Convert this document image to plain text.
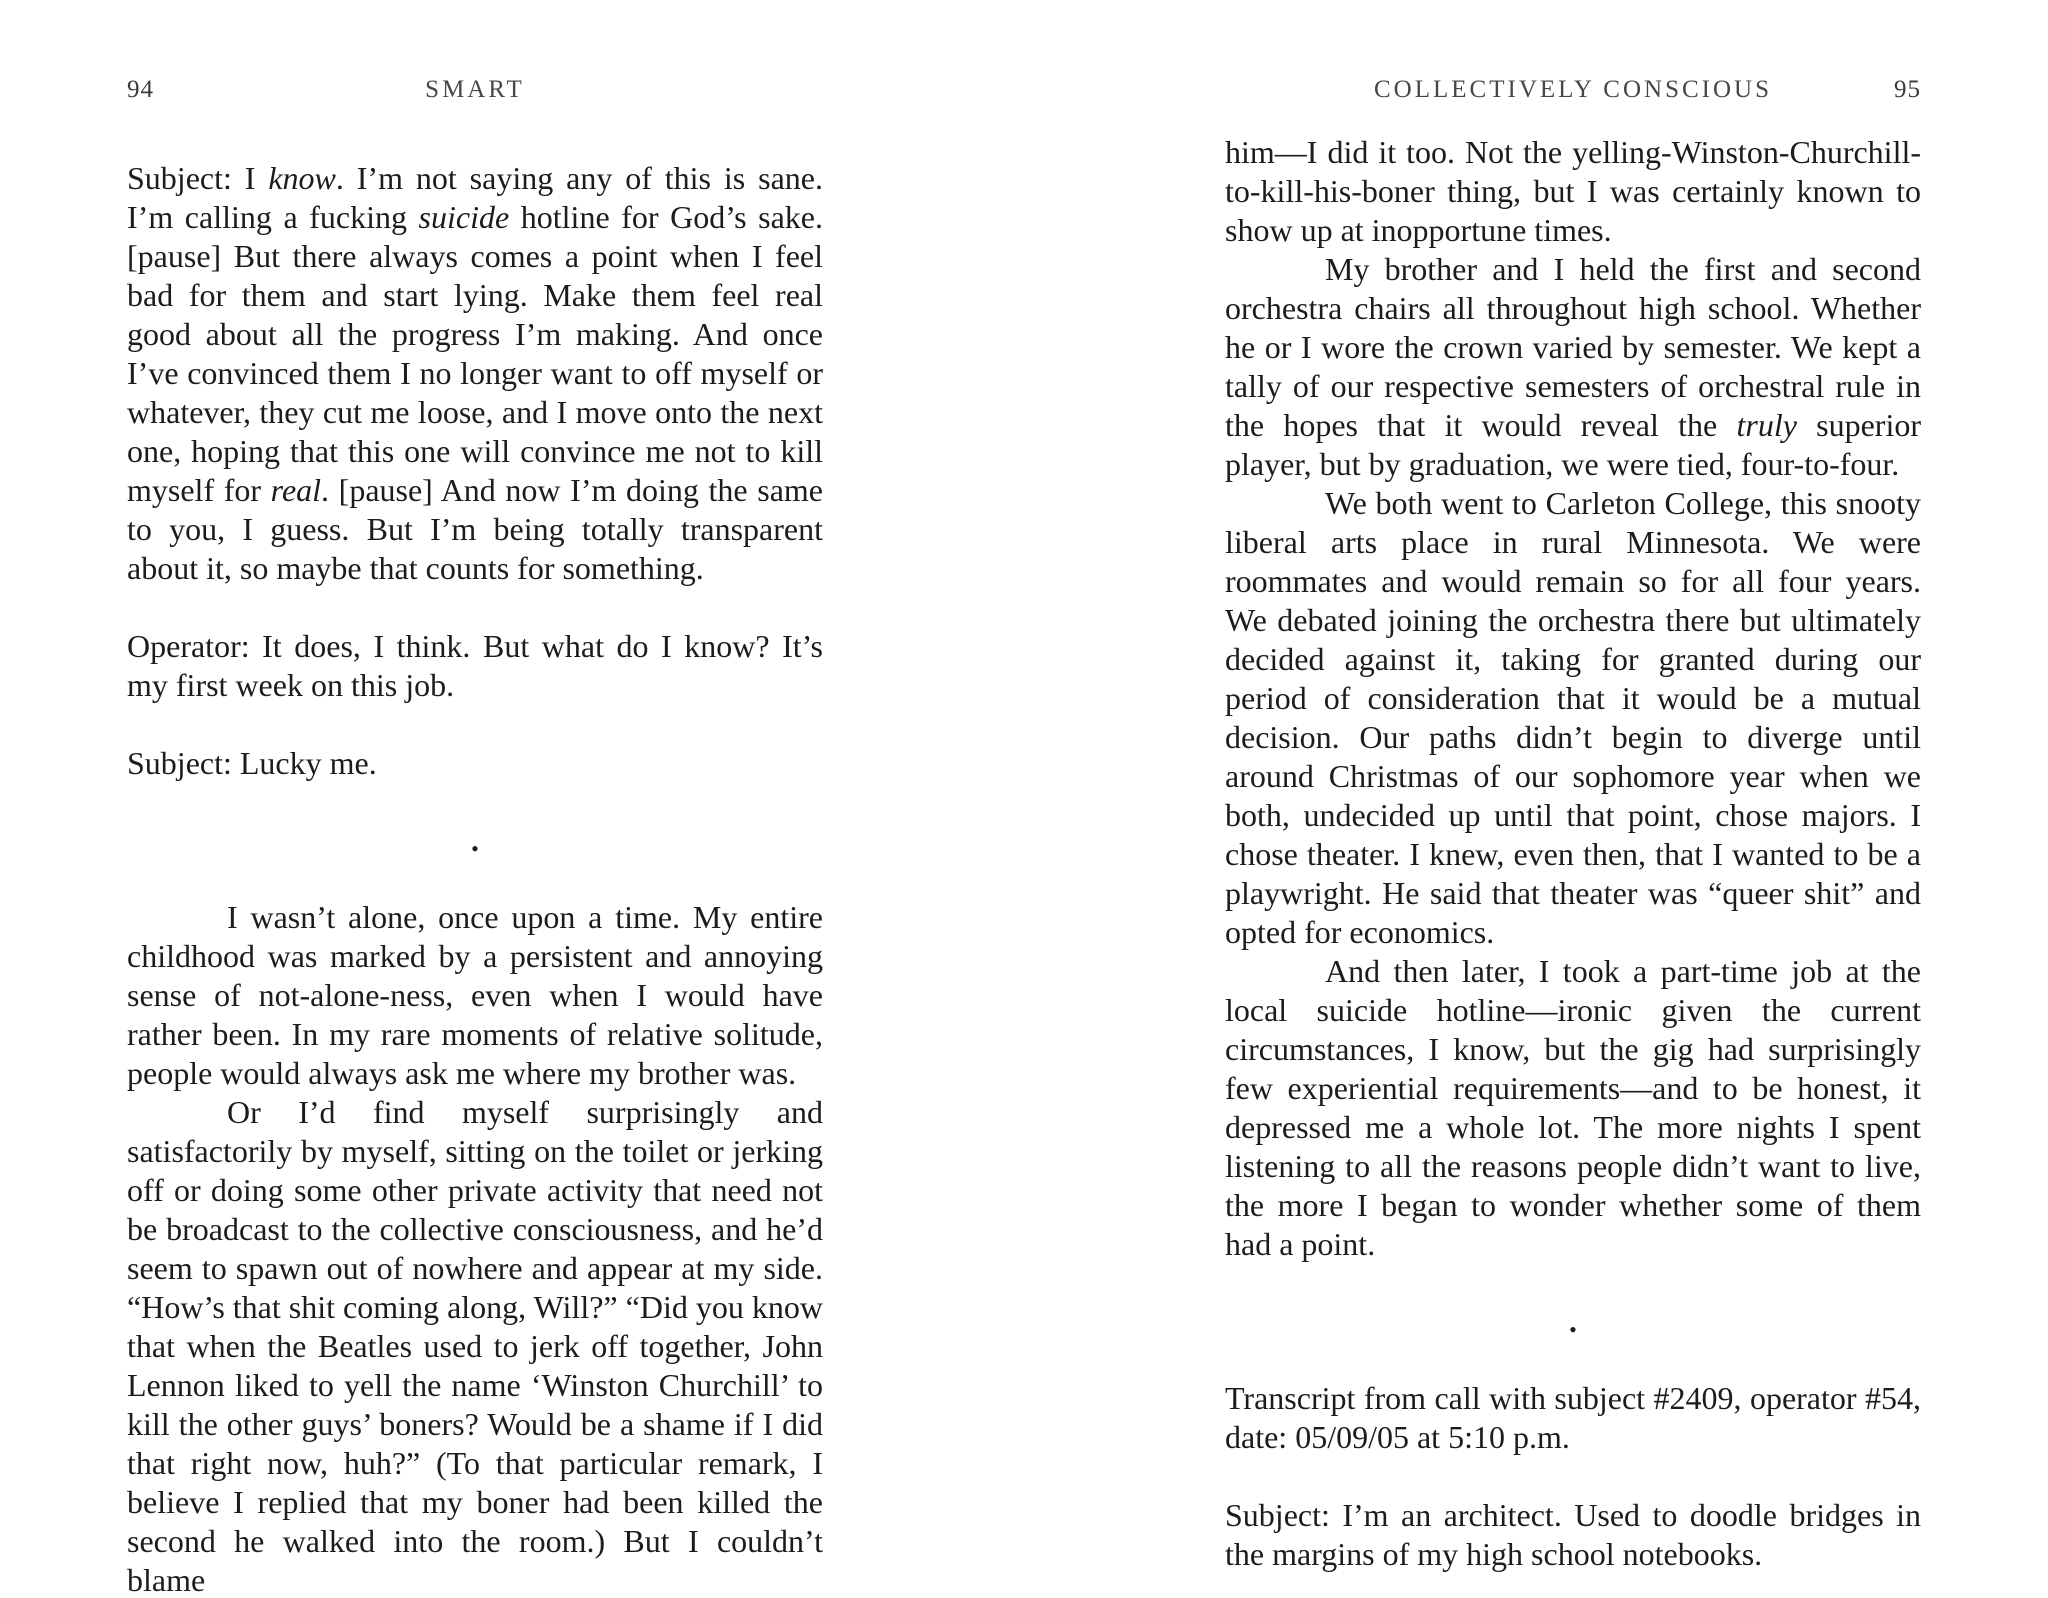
94	SMART	COLLECTIVELY CONSCIOUS	95

Subject: I know. I’m not saying any of this is sane. I’m calling a fucking suicide hotline for God’s sake. [pause] But there always comes a point when I feel bad for them and start lying. Make them feel real good about all the progress I’m making. And once I’ve convinced them I no longer want to off myself or whatever, they cut me loose, and I move onto the next one, hoping that this one will convince me not to kill myself for real. [pause] And now I’m doing the same to you, I guess. But I’m being totally transparent about it, so maybe that counts for something.

Operator: It does, I think. But what do I know? It’s my first week on this job.

Subject: Lucky me.

•

I wasn’t alone, once upon a time. My entire childhood was marked by a persistent and annoying sense of not-alone-ness, even when I would have rather been. In my rare moments of relative solitude, people would always ask me where my brother was.

Or I’d find myself surprisingly and satisfactorily by myself, sitting on the toilet or jerking off or doing some other private activity that need not be broadcast to the collective consciousness, and he’d seem to spawn out of nowhere and appear at my side. “How’s that shit coming along, Will?” “Did you know that when the Beatles used to jerk off together, John Lennon liked to yell the name ‘Winston Churchill’ to kill the other guys’ boners? Would be a shame if I did that right now, huh?” (To that particular remark, I believe I replied that my boner had been killed the second he walked into the room.) But I couldn’t blame

him—I did it too. Not the yelling-Winston-Churchill-to-kill-his-boner thing, but I was certainly known to show up at inopportune times.

My brother and I held the first and second orchestra chairs all throughout high school. Whether he or I wore the crown varied by semester. We kept a tally of our respective semesters of orchestral rule in the hopes that it would reveal the truly superior player, but by graduation, we were tied, four-to-four.

We both went to Carleton College, this snooty liberal arts place in rural Minnesota. We were roommates and would remain so for all four years. We debated joining the orchestra there but ultimately decided against it, taking for granted during our period of consideration that it would be a mutual decision. Our paths didn’t begin to diverge until around Christmas of our sophomore year when we both, undecided up until that point, chose majors. I chose theater. I knew, even then, that I wanted to be a playwright. He said that theater was “queer shit” and opted for economics.

And then later, I took a part-time job at the local suicide hotline—ironic given the current circumstances, I know, but the gig had surprisingly few experiential requirements—and to be honest, it depressed me a whole lot. The more nights I spent listening to all the reasons people didn’t want to live, the more I began to wonder whether some of them had a point.

•

Transcript from call with subject #2409, operator #54, date: 05/09/05 at 5:10 p.m.

Subject: I’m an architect. Used to doodle bridges in the margins of my high school notebooks.
